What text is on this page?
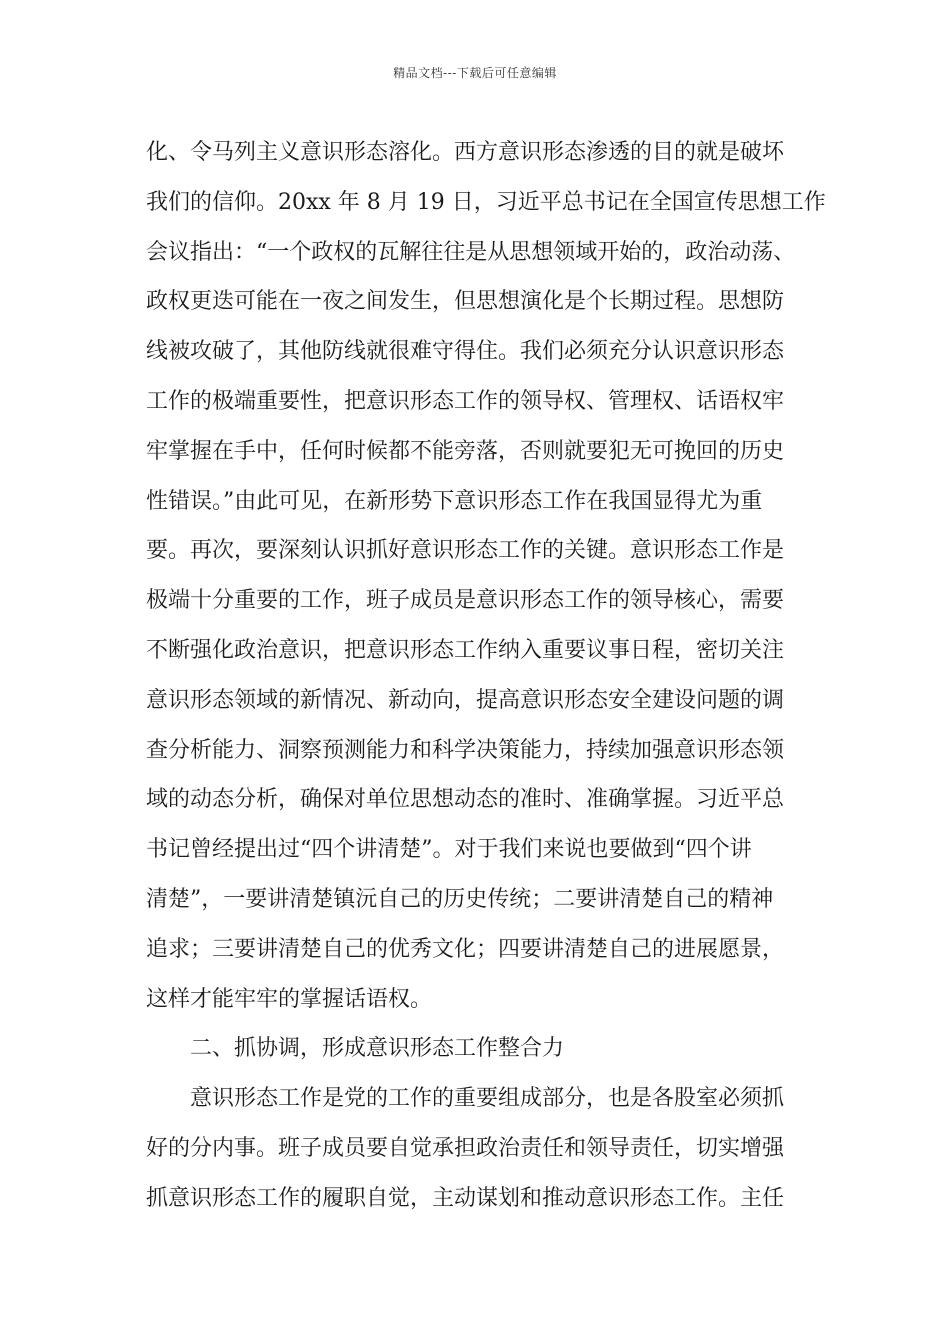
精品文档---下载后可任意编辑
化、令马列主义意识形态溶化。西方意识形态渗透的目的就是破坏
我们的信仰。20xx 年 8 月 19 日，习近平总书记在全国宣传思想工作
会议指出：“一个政权的瓦解往往是从思想领域开始的，政治动荡、
政权更迭可能在一夜之间发生，但思想演化是个长期过程。思想防
线被攻破了，其他防线就很难守得住。我们必须充分认识意识形态
工作的极端重要性，把意识形态工作的领导权、管理权、话语权牢
牢掌握在手中，任何时候都不能旁落，否则就要犯无可挽回的历史
性错误。”由此可见，在新形势下意识形态工作在我国显得尤为重
要。再次，要深刻认识抓好意识形态工作的关键。意识形态工作是
极端十分重要的工作，班子成员是意识形态工作的领导核心，需要
不断强化政治意识，把意识形态工作纳入重要议事日程，密切关注
意识形态领域的新情况、新动向，提高意识形态安全建设问题的调
查分析能力、洞察预测能力和科学决策能力，持续加强意识形态领
域的动态分析，确保对单位思想动态的准时、准确掌握。习近平总
书记曾经提出过“四个讲清楚”。对于我们来说也要做到“四个讲
清楚”，一要讲清楚镇沅自己的历史传统；二要讲清楚自己的精神
追求；三要讲清楚自己的优秀文化；四要讲清楚自己的进展愿景，
这样才能牢牢的掌握话语权。
二、抓协调，形成意识形态工作整合力
意识形态工作是党的工作的重要组成部分，也是各股室必须抓
好的分内事。班子成员要自觉承担政治责任和领导责任，切实增强
抓意识形态工作的履职自觉，主动谋划和推动意识形态工作。主任
